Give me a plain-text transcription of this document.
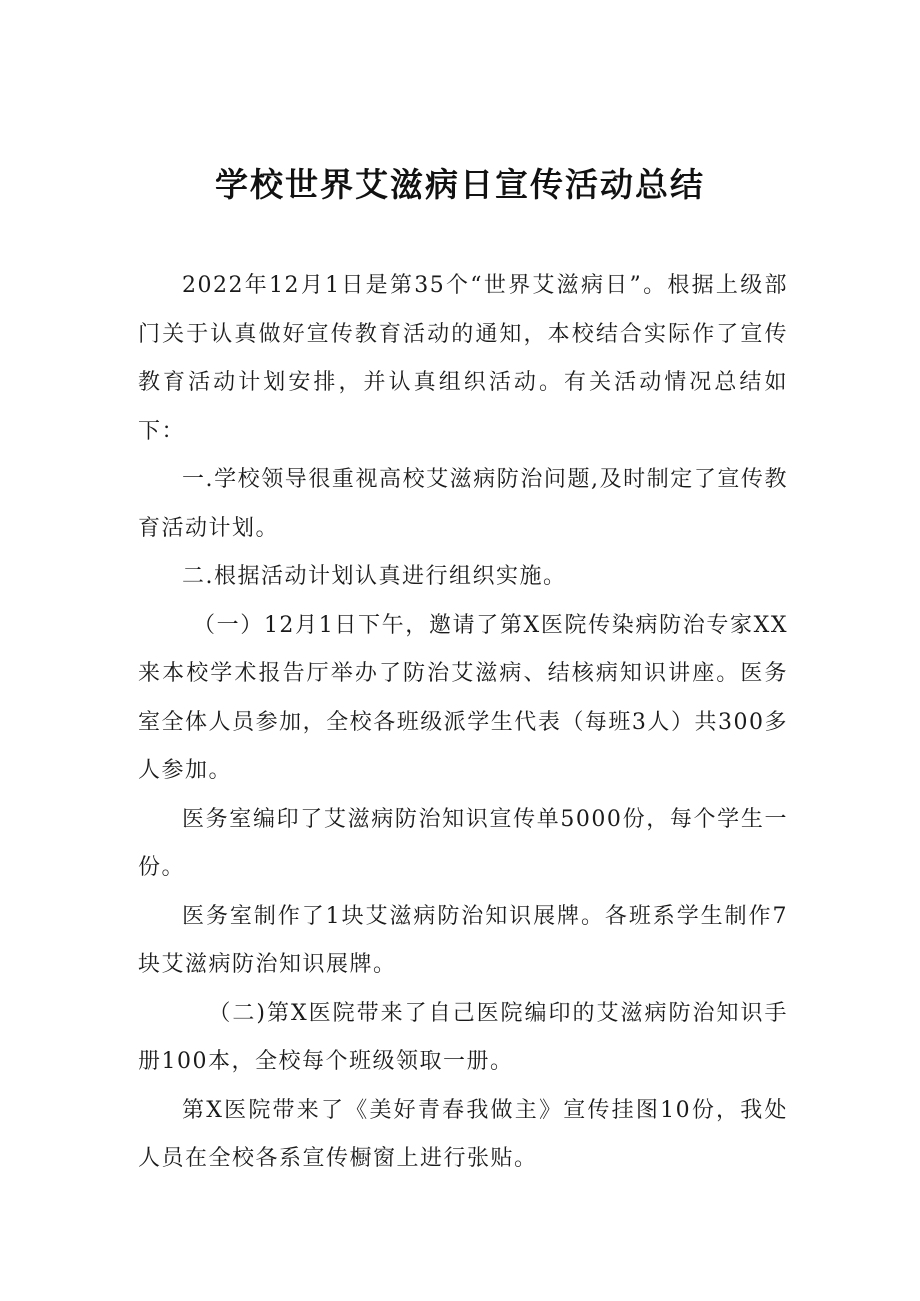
学校世界艾滋病日宣传活动总结

2022年12月1日是第35个“世界艾滋病日”。根据上级部门关于认真做好宣传教育活动的通知，本校结合实际作了宣传教育活动计划安排，并认真组织活动。有关活动情况总结如下：

一.学校领导很重视高校艾滋病防治问题,及时制定了宣传教育活动计划。

二.根据活动计划认真进行组织实施。

（一）12月1日下午，邀请了第X医院传染病防治专家XX来本校学术报告厅举办了防治艾滋病、结核病知识讲座。医务室全体人员参加，全校各班级派学生代表（每班3人）共300多人参加。

医务室编印了艾滋病防治知识宣传单5000份，每个学生一份。

医务室制作了1块艾滋病防治知识展牌。各班系学生制作7块艾滋病防治知识展牌。

（二)第X医院带来了自己医院编印的艾滋病防治知识手册100本，全校每个班级领取一册。

第X医院带来了《美好青春我做主》宣传挂图10份，我处人员在全校各系宣传橱窗上进行张贴。
